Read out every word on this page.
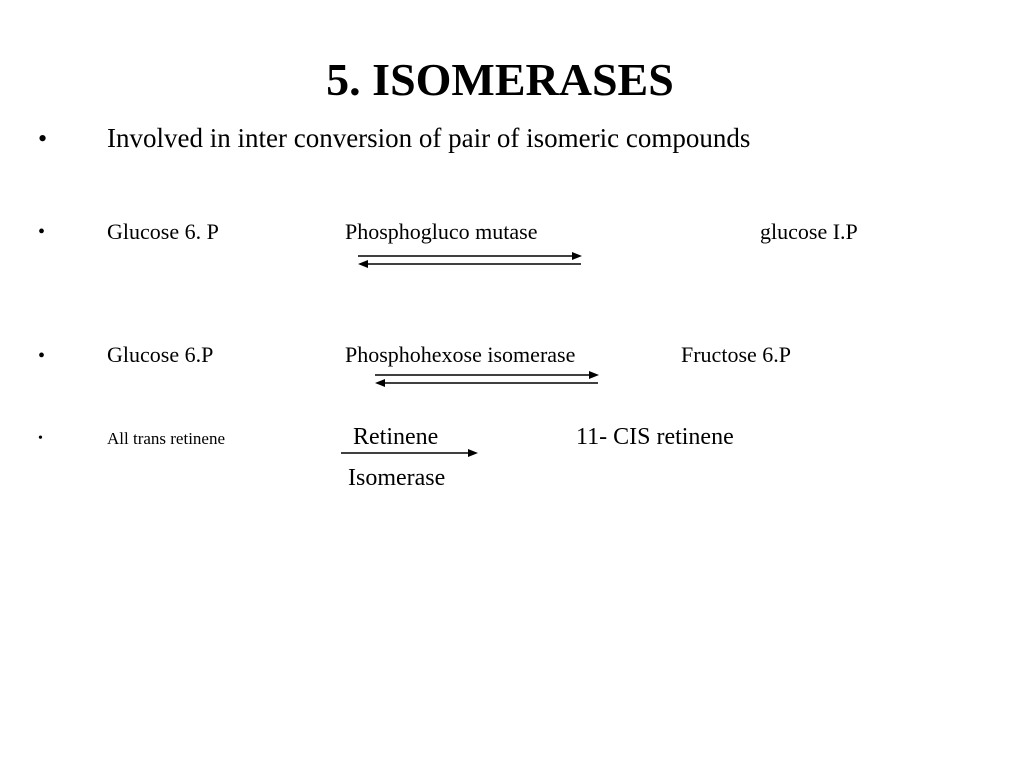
5. ISOMERASES
• Involved in inter conversion of pair of isomeric compounds
•	Glucose 6. P	Phosphogluco mutase	glucose I.P
•	Glucose 6.P	Phosphohexose isomerase	Fructose 6.P
•	All trans retinene	Retinene	11- CIS retinene
Isomerase
